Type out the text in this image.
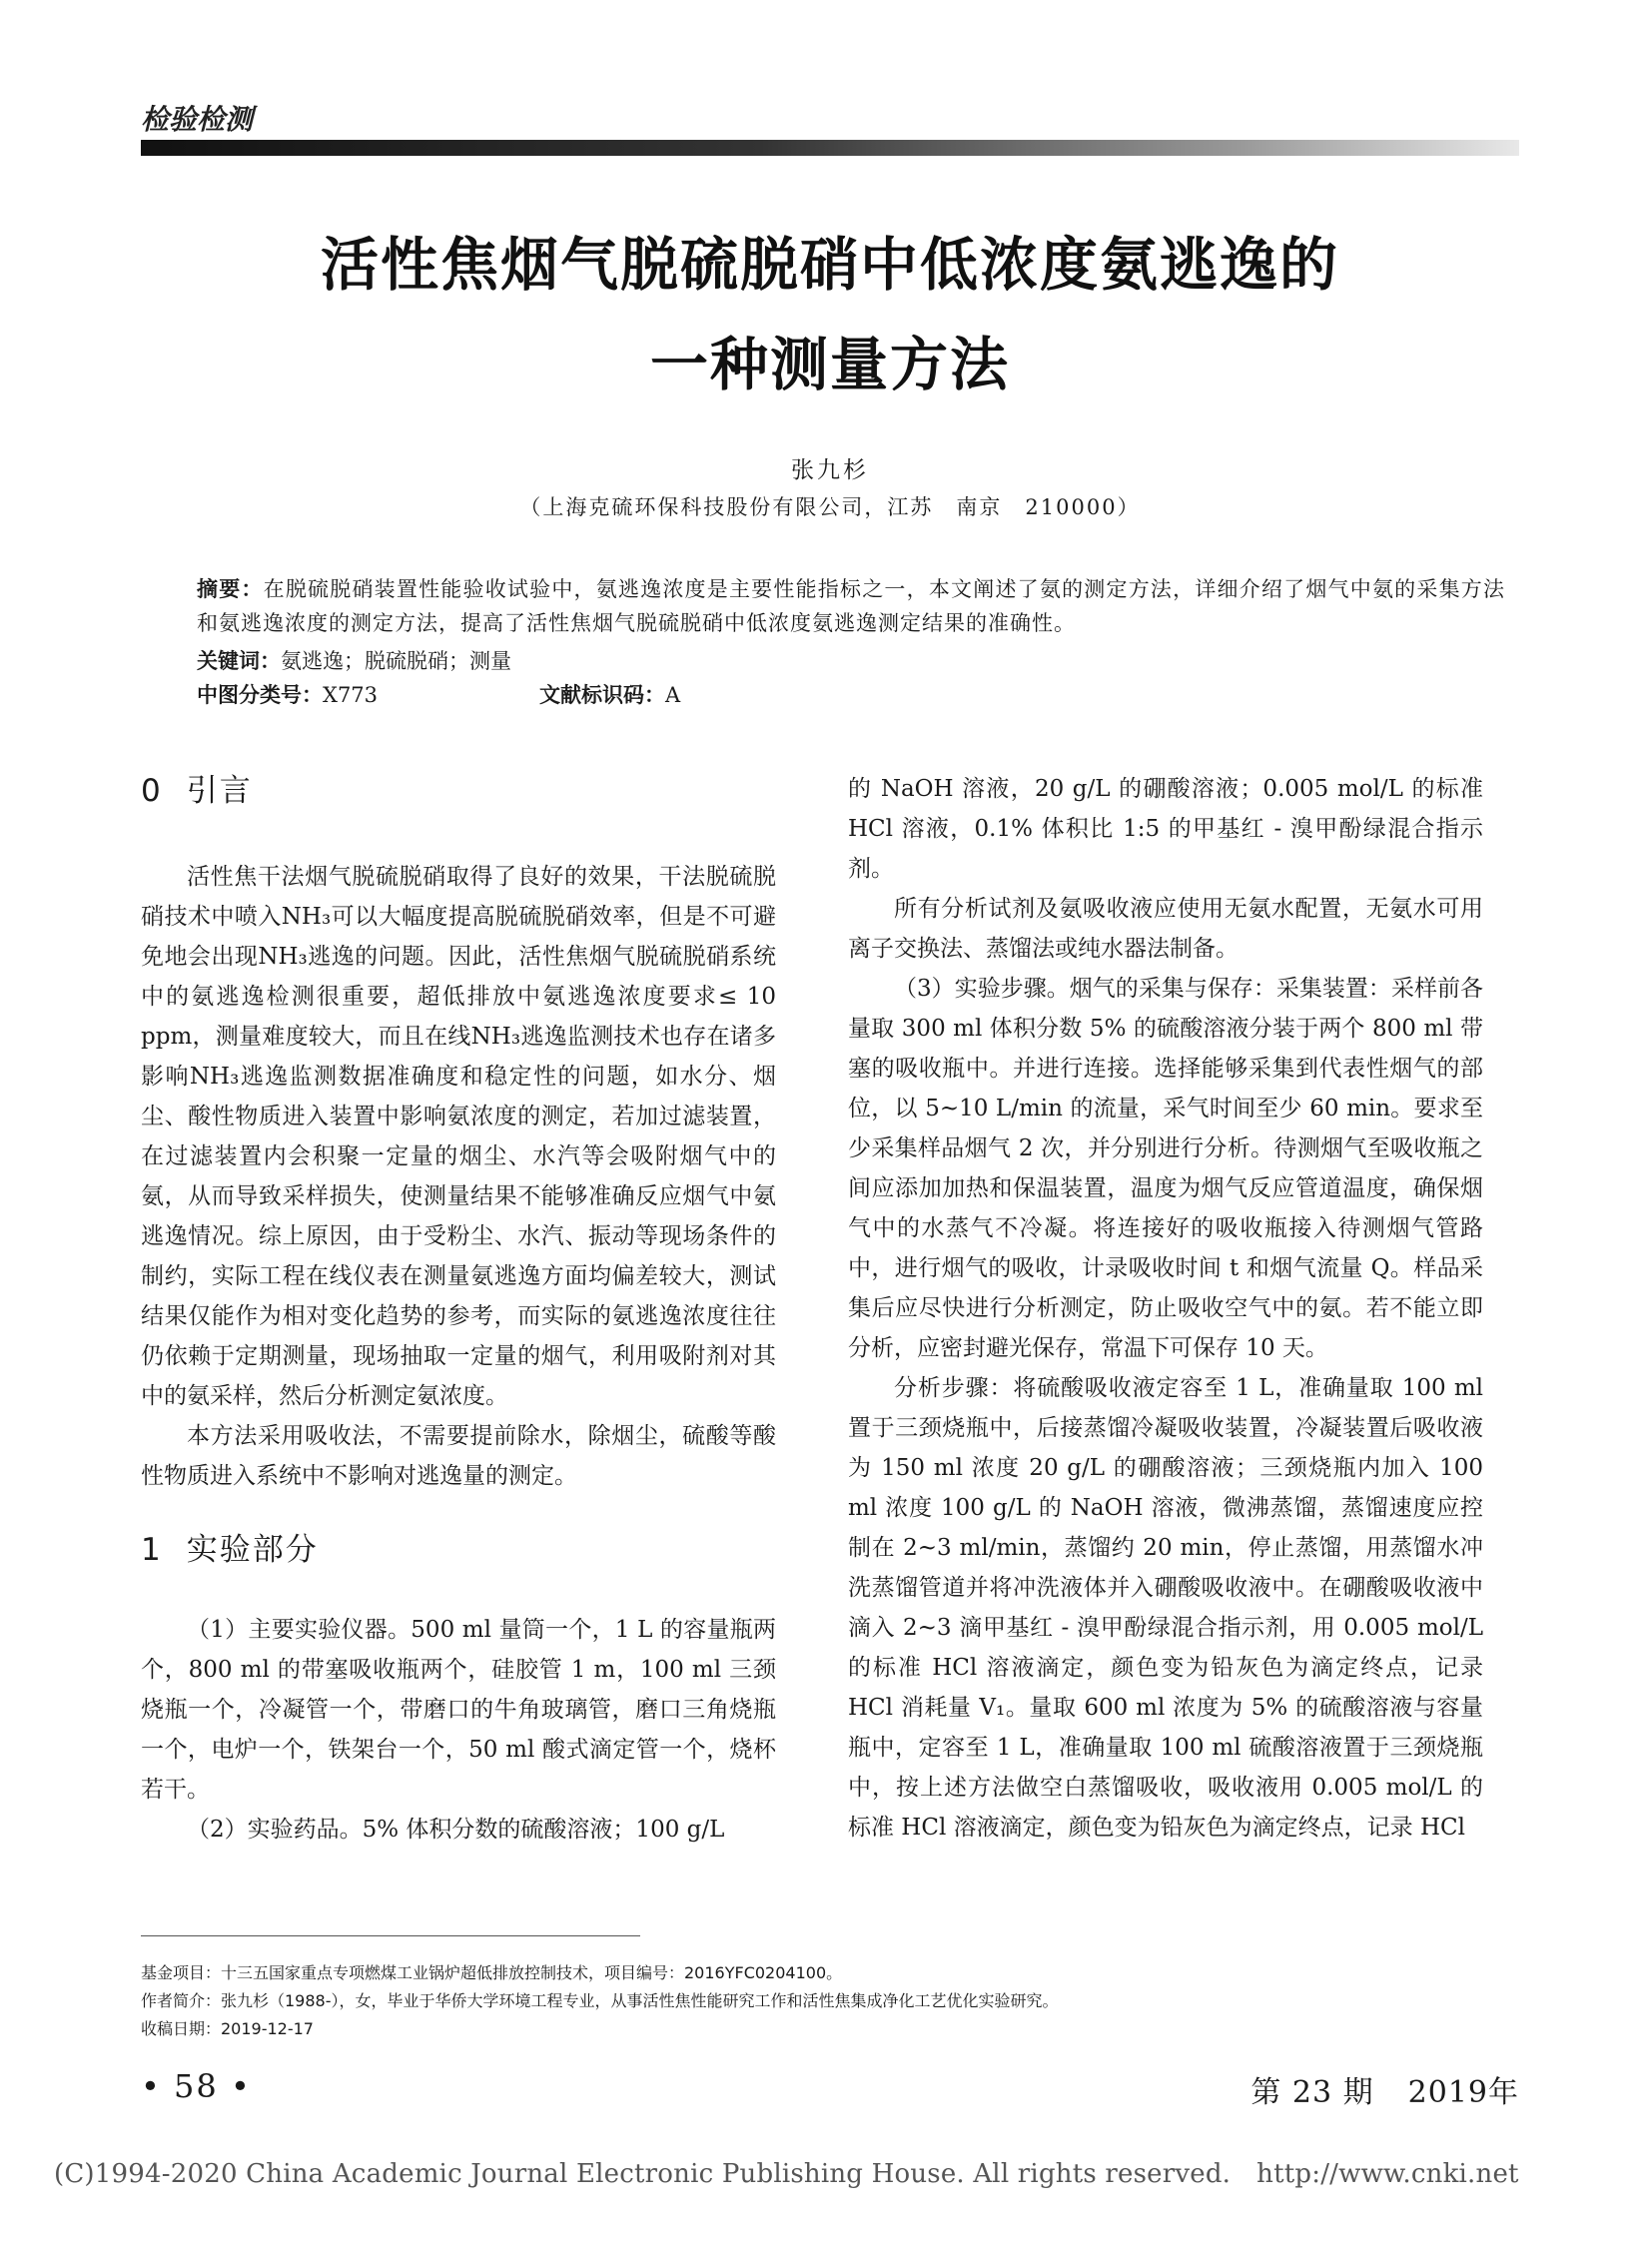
检验检测
活性焦烟气脱硫脱硝中低浓度氨逃逸的
一种测量方法
张九杉
（上海克硫环保科技股份有限公司，江苏　南京　210000）
摘要：在脱硫脱硝装置性能验收试验中，氨逃逸浓度是主要性能指标之一，本文阐述了氨的测定方法，详细介绍了烟气中氨的采集方法和氨逃逸浓度的测定方法，提高了活性焦烟气脱硫脱硝中低浓度氨逃逸测定结果的准确性。
关键词：氨逃逸；脱硫脱硝；测量
中图分类号：X773	文献标识码：A
0 引言

活性焦干法烟气脱硫脱硝取得了良好的效果，干法脱硫脱硝技术中喷入NH₃可以大幅度提高脱硫脱硝效率，但是不可避免地会出现NH₃逃逸的问题。因此，活性焦烟气脱硫脱硝系统中的氨逃逸检测很重要，超低排放中氨逃逸浓度要求≤ 10 ppm，测量难度较大，而且在线NH₃逃逸监测技术也存在诸多影响NH₃逃逸监测数据准确度和稳定性的问题，如水分、烟尘、酸性物质进入装置中影响氨浓度的测定，若加过滤装置，在过滤装置内会积聚一定量的烟尘、水汽等会吸附烟气中的氨，从而导致采样损失，使测量结果不能够准确反应烟气中氨逃逸情况。综上原因，由于受粉尘、水汽、振动等现场条件的制约，实际工程在线仪表在测量氨逃逸方面均偏差较大，测试结果仅能作为相对变化趋势的参考，而实际的氨逃逸浓度往往仍依赖于定期测量，现场抽取一定量的烟气，利用吸附剂对其中的氨采样，然后分析测定氨浓度。

本方法采用吸收法，不需要提前除水，除烟尘，硫酸等酸性物质进入系统中不影响对逃逸量的测定。

1 实验部分

（1）主要实验仪器。500 ml 量筒一个，1 L 的容量瓶两个，800 ml 的带塞吸收瓶两个，硅胶管 1 m，100 ml 三颈烧瓶一个，冷凝管一个，带磨口的牛角玻璃管，磨口三角烧瓶一个，电炉一个，铁架台一个，50 ml 酸式滴定管一个，烧杯若干。

（2）实验药品。5% 体积分数的硫酸溶液；100 g/L

的 NaOH 溶液，20 g/L 的硼酸溶液；0.005 mol/L 的标准 HCl 溶液，0.1% 体积比 1:5 的甲基红 - 溴甲酚绿混合指示剂。

所有分析试剂及氨吸收液应使用无氨水配置，无氨水可用离子交换法、蒸馏法或纯水器法制备。

（3）实验步骤。烟气的采集与保存：采集装置：采样前各量取 300 ml 体积分数 5% 的硫酸溶液分装于两个 800 ml 带塞的吸收瓶中。并进行连接。选择能够采集到代表性烟气的部位，以 5~10 L/min 的流量，采气时间至少 60 min。要求至少采集样品烟气 2 次，并分别进行分析。待测烟气至吸收瓶之间应添加加热和保温装置，温度为烟气反应管道温度，确保烟气中的水蒸气不冷凝。将连接好的吸收瓶接入待测烟气管路中，进行烟气的吸收，计录吸收时间 t 和烟气流量 Q。样品采集后应尽快进行分析测定，防止吸收空气中的氨。若不能立即分析，应密封避光保存，常温下可保存 10 天。

分析步骤：将硫酸吸收液定容至 1 L，准确量取 100 ml 置于三颈烧瓶中，后接蒸馏冷凝吸收装置，冷凝装置后吸收液为 150 ml 浓度 20 g/L 的硼酸溶液；三颈烧瓶内加入 100 ml 浓度 100 g/L 的 NaOH 溶液，微沸蒸馏，蒸馏速度应控制在 2~3 ml/min，蒸馏约 20 min，停止蒸馏，用蒸馏水冲洗蒸馏管道并将冲洗液体并入硼酸吸收液中。在硼酸吸收液中滴入 2~3 滴甲基红 - 溴甲酚绿混合指示剂，用 0.005 mol/L 的标准 HCl 溶液滴定，颜色变为铅灰色为滴定终点，记录 HCl 消耗量 V₁。量取 600 ml 浓度为 5% 的硫酸溶液与容量瓶中，定容至 1 L，准确量取 100 ml 硫酸溶液置于三颈烧瓶中，按上述方法做空白蒸馏吸收，吸收液用 0.005 mol/L 的标准 HCl 溶液滴定，颜色变为铅灰色为滴定终点，记录 HCl

基金项目：十三五国家重点专项燃煤工业锅炉超低排放控制技术，项目编号：2016YFC0204100。
作者简介：张九杉（1988-），女，毕业于华侨大学环境工程专业，从事活性焦性能研究工作和活性焦集成净化工艺优化实验研究。
收稿日期：2019-12-17
• 58 •	第 23 期 2019年
(C)1994-2020 China Academic Journal Electronic Publishing House. All rights reserved. http://www.cnki.net
